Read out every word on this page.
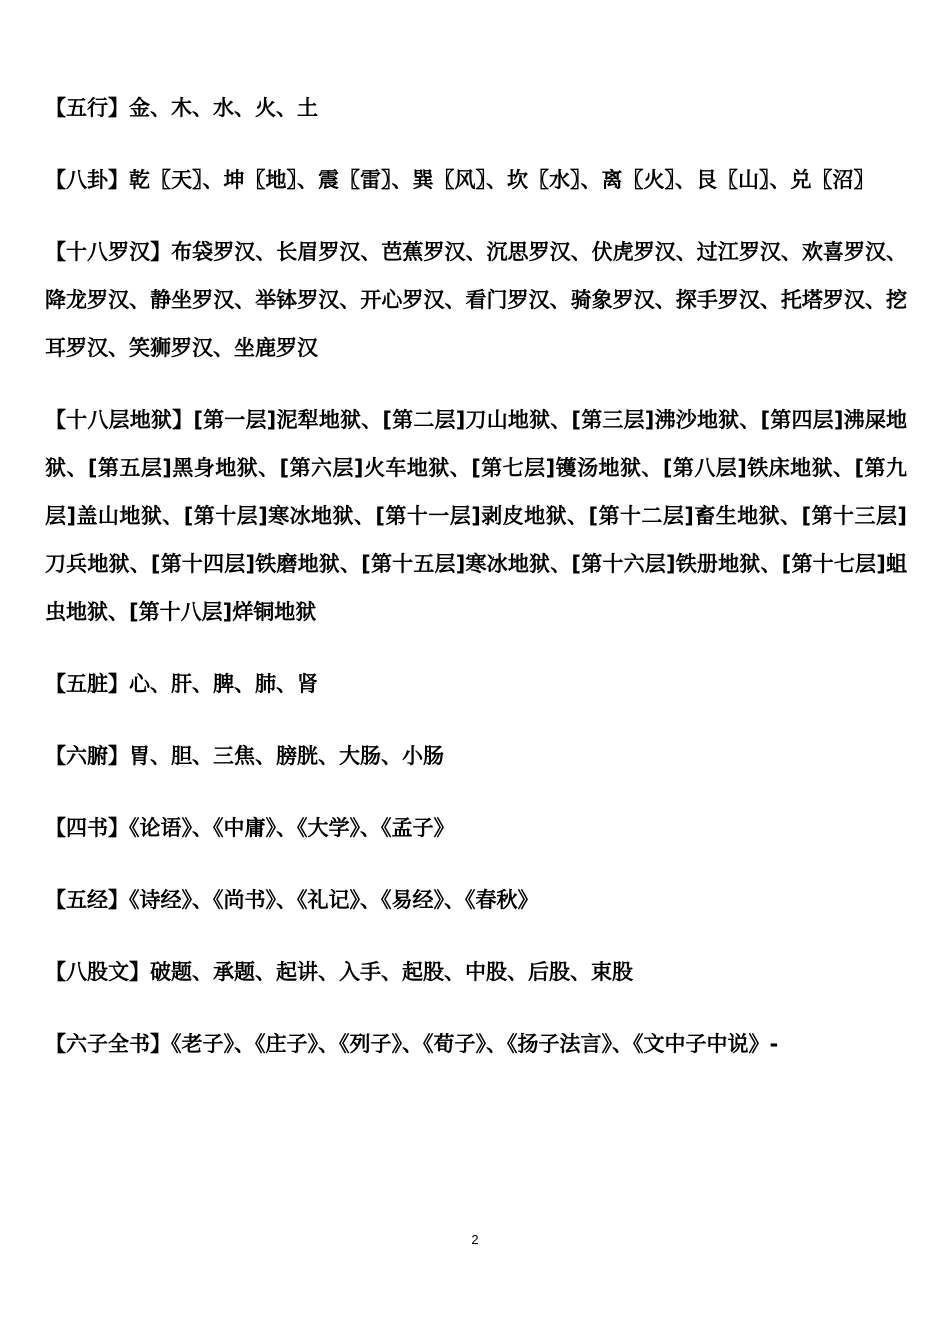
【五行】金、木、水、火、土

【八卦】乾〖天〗、坤〖地〗、震〖雷〗、巽〖风〗、坎〖水〗、离〖火〗、艮〖山〗、兑〖沼〗

【十八罗汉】布袋罗汉、长眉罗汉、芭蕉罗汉、沉思罗汉、伏虎罗汉、过江罗汉、欢喜罗汉、降龙罗汉、静坐罗汉、举钵罗汉、开心罗汉、看门罗汉、骑象罗汉、探手罗汉、托塔罗汉、挖耳罗汉、笑狮罗汉、坐鹿罗汉

【十八层地狱】[第一层]泥犁地狱、[第二层]刀山地狱、[第三层]沸沙地狱、[第四层]沸屎地狱、[第五层]黑身地狱、[第六层]火车地狱、[第七层]镬汤地狱、[第八层]铁床地狱、[第九层]盖山地狱、[第十层]寒冰地狱、[第十一层]剥皮地狱、[第十二层]畜生地狱、[第十三层]刀兵地狱、[第十四层]铁磨地狱、[第十五层]寒冰地狱、[第十六层]铁册地狱、[第十七层]蛆虫地狱、[第十八层]烊铜地狱

【五脏】心、肝、脾、肺、肾

【六腑】胃、胆、三焦、膀胱、大肠、小肠

【四书】《论语》、《中庸》、《大学》、《孟子》

【五经】《诗经》、《尚书》、《礼记》、《易经》、《春秋》

【八股文】破题、承题、起讲、入手、起股、中股、后股、束股

【六子全书】《老子》、《庄子》、《列子》、《荀子》、《扬子法言》、《文中子中说》-

2
